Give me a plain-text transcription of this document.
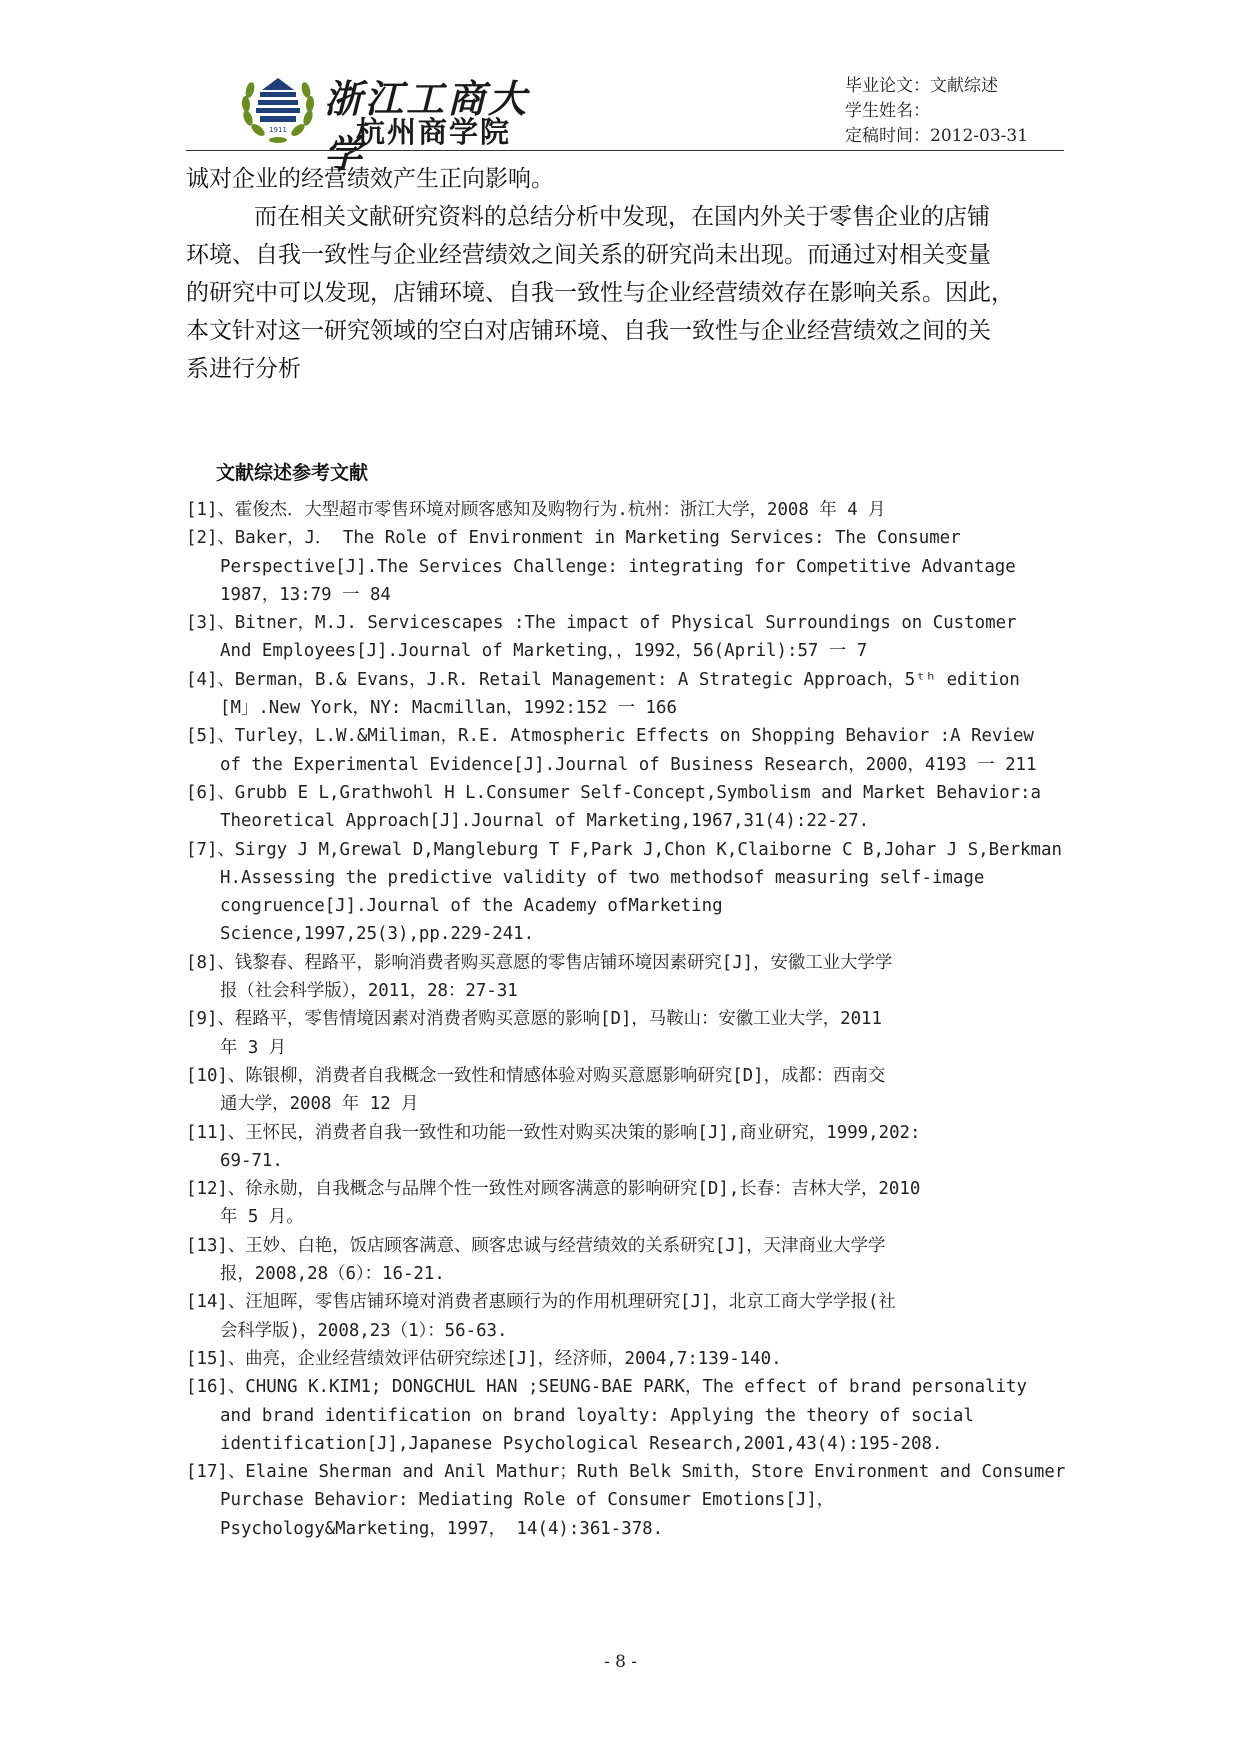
1911
浙江工商大学
杭州商学院
毕业论文：文献综述
学生姓名：
定稿时间：2012-03-31

诚对企业的经营绩效产生正向影响。

而在相关文献研究资料的总结分析中发现，在国内外关于零售企业的店铺
环境、自我一致性与企业经营绩效之间关系的研究尚未出现。而通过对相关变量
的研究中可以发现，店铺环境、自我一致性与企业经营绩效存在影响关系。因此，
本文针对这一研究领域的空白对店铺环境、自我一致性与企业经营绩效之间的关
系进行分析

文献综述参考文献
[1]、霍俊杰．大型超市零售环境对顾客感知及购物行为.杭州：浙江大学，2008 年 4 月
[2]、Baker，J． The Role of Environment in Marketing Services: The Consumer
Perspective[J].The Services Challenge: integrating for Competitive Advantage
1987，13:79 一 84
[3]、Bitner，M.J. Servicescapes :The impact of Physical Surroundings on Customer
And Employees[J].Journal of Marketing，，1992，56(April):57 一 7
[4]、Berman，B.& Evans，J.R. Retail Management: A Strategic Approach，5ᵗʰ edition
[M」.New York，NY: Macmillan，1992:152 一 166
[5]、Turley，L.W.&Miliman，R.E. Atmospheric Effects on Shopping Behavior :A Review
of the Experimental Evidence[J].Journal of Business Research，2000，4193 一 211
[6]、Grubb E L,Grathwohl H L.Consumer Self-Concept,Symbolism and Market Behavior:a
Theoretical Approach[J].Journal of Marketing,1967,31(4):22-27.
[7]、Sirgy J M,Grewal D,Mangleburg T F,Park J,Chon K,Claiborne C B,Johar J S,Berkman
H.Assessing the predictive validity of two methodsof measuring self-image
congruence[J].Journal of the Academy ofMarketing
Science,1997,25(3),pp.229-241.
[8]、钱黎春、程路平，影响消费者购买意愿的零售店铺环境因素研究[J]，安徽工业大学学
报（社会科学版），2011，28：27-31
[9]、程路平，零售情境因素对消费者购买意愿的影响[D]，马鞍山：安徽工业大学，2011
年 3 月
[10]、陈银柳，消费者自我概念一致性和情感体验对购买意愿影响研究[D]，成都：西南交
通大学，2008 年 12 月
[11]、王怀民，消费者自我一致性和功能一致性对购买决策的影响[J],商业研究，1999,202:
69-71.
[12]、徐永勋，自我概念与品牌个性一致性对顾客满意的影响研究[D],长春：吉林大学，2010
年 5 月。
[13]、王妙、白艳，饭店顾客满意、顾客忠诚与经营绩效的关系研究[J]，天津商业大学学
报，2008,28（6）：16-21.
[14]、汪旭晖，零售店铺环境对消费者惠顾行为的作用机理研究[J]，北京工商大学学报(社
会科学版)，2008,23（1）：56-63.
[15]、曲亮，企业经营绩效评估研究综述[J]，经济师，2004,7:139-140.
[16]、CHUNG K.KIM1; DONGCHUL HAN ;SEUNG-BAE PARK，The effect of brand personality
and brand identification on brand loyalty: Applying the theory of social
identification[J],Japanese Psychological Research,2001,43(4):195-208.
[17]、Elaine Sherman and Anil Mathur；Ruth Belk Smith，Store Environment and Consumer
Purchase Behavior: Mediating Role of Consumer Emotions[J]，
Psychology&Marketing，1997， 14(4):361-378.
- 8 -
